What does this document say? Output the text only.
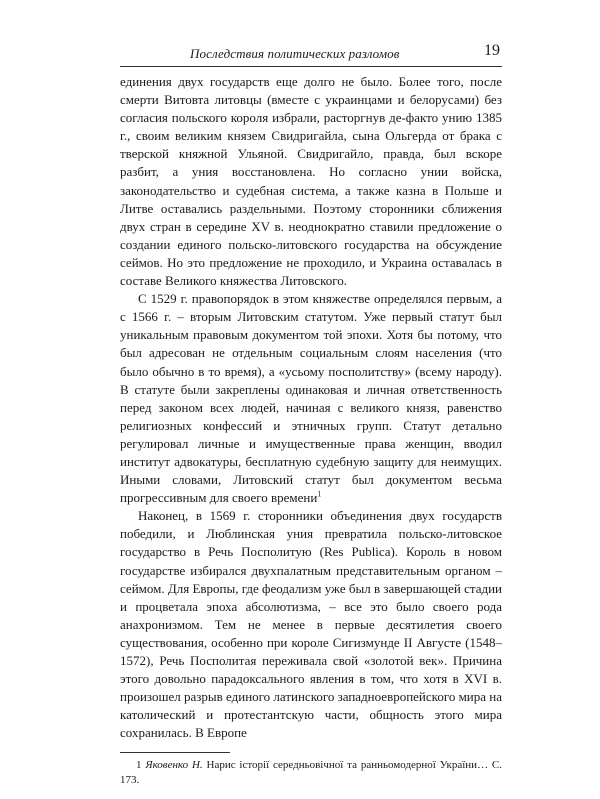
Последствия политических разломов	19

единения двух государств еще долго не было. Более того, после смерти Витовта литовцы (вместе с украинцами и белорусами) без согласия польского короля избрали, расторгнув де-факто унию 1385 г., своим великим князем Свидригайла, сына Ольгерда от брака с тверской княжной Ульяной. Свидригайло, правда, был вскоре разбит, а уния восстановлена. Но согласно унии войска, законодательство и судебная система, а также казна в Польше и Литве оставались раздельными. Поэтому сторонники сближения двух стран в середине XV в. неоднократно ставили предложение о создании единого польско-литовского государства на обсуждение сеймов. Но это предложение не проходило, и Украина оставалась в составе Великого княжества Литовского.

С 1529 г. правопорядок в этом княжестве определялся первым, а с 1566 г. – вторым Литовским статутом. Уже первый статут был уникальным правовым документом той эпохи. Хотя бы потому, что был адресован не отдельным социальным слоям населения (что было обычно в то время), а «усьому посполитству» (всему народу). В статуте были закреплены одинаковая и личная ответственность перед законом всех людей, начиная с великого князя, равенство религиозных конфессий и этничных групп. Статут детально регулировал личные и имущественные права женщин, вводил институт адвокатуры, бесплатную судебную защиту для неимущих. Иными словами, Литовский статут был документом весьма прогрессивным для своего времени$^1$

Наконец, в 1569 г. сторонники объединения двух государств победили, и Люблинская уния превратила польско-литовское государство в Речь Посполитую (Res Publica). Король в новом государстве избирался двухпалатным представительным органом – сеймом. Для Европы, где феодализм уже был в завершающей стадии и процветала эпоха абсолютизма, – все это было своего рода анахронизмом. Тем не менее в первые десятилетия своего существования, особенно при короле Сигизмунде II Августе (1548–1572), Речь Посполитая переживала свой «золотой век». Причина этого довольно парадоксального явления в том, что хотя в XVI в. произошел разрыв единого латинского западноевропейского мира на католический и протестантскую части, общность этого мира сохранилась. В Европе

1 Яковенко Н. Нарис історії середньовічної та ранньомодерної України… С. 173.
